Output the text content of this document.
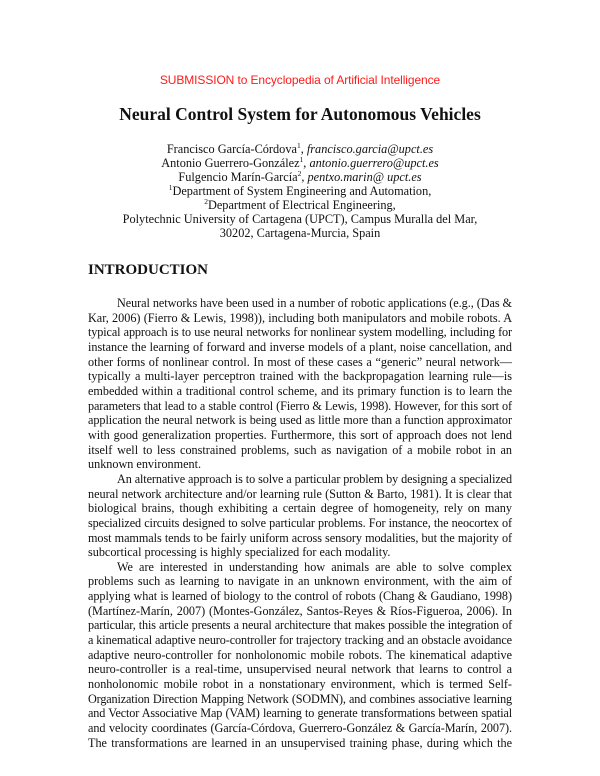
SUBMISSION to Encyclopedia of Artificial Intelligence
Neural Control System for Autonomous Vehicles
Francisco García-Córdova$^1$, francisco.garcia@upct.es
Antonio Guerrero-González$^1$, antonio.guerrero@upct.es
Fulgencio Marín-García$^2$, pentxo.marin@ upct.es
$^1$Department of System Engineering and Automation,
$^2$Department of Electrical Engineering,
Polytechnic University of Cartagena (UPCT), Campus Muralla del Mar,
30202, Cartagena-Murcia, Spain
INTRODUCTION
Neural networks have been used in a number of robotic applications (e.g., (Das &
Kar, 2006) (Fierro & Lewis, 1998)), including both manipulators and mobile robots. A
typical approach is to use neural networks for nonlinear system modelling, including for
instance the learning of forward and inverse models of a plant, noise cancellation, and
other forms of nonlinear control. In most of these cases a “generic” neural network—
typically a multi-layer perceptron trained with the backpropagation learning rule—is
embedded within a traditional control scheme, and its primary function is to learn the
parameters that lead to a stable control (Fierro & Lewis, 1998). However, for this sort of
application the neural network is being used as little more than a function approximator
with good generalization properties. Furthermore, this sort of approach does not lend
itself well to less constrained problems, such as navigation of a mobile robot in an
unknown environment.
An alternative approach is to solve a particular problem by designing a specialized
neural network architecture and/or learning rule (Sutton & Barto, 1981). It is clear that
biological brains, though exhibiting a certain degree of homogeneity, rely on many
specialized circuits designed to solve particular problems. For instance, the neocortex of
most mammals tends to be fairly uniform across sensory modalities, but the majority of
subcortical processing is highly specialized for each modality.
We are interested in understanding how animals are able to solve complex
problems such as learning to navigate in an unknown environment, with the aim of
applying what is learned of biology to the control of robots (Chang & Gaudiano, 1998)
(Martínez-Marín, 2007) (Montes-González, Santos-Reyes & Ríos-Figueroa, 2006). In
particular, this article presents a neural architecture that makes possible the integration of
a kinematical adaptive neuro-controller for trajectory tracking and an obstacle avoidance
adaptive neuro-controller for nonholonomic mobile robots. The kinematical adaptive
neuro-controller is a real-time, unsupervised neural network that learns to control a
nonholonomic mobile robot in a nonstationary environment, which is termed Self-
Organization Direction Mapping Network (SODMN), and combines associative learning
and Vector Associative Map (VAM) learning to generate transformations between spatial
and velocity coordinates (García-Córdova, Guerrero-González & García-Marín, 2007).
The transformations are learned in an unsupervised training phase, during which the
